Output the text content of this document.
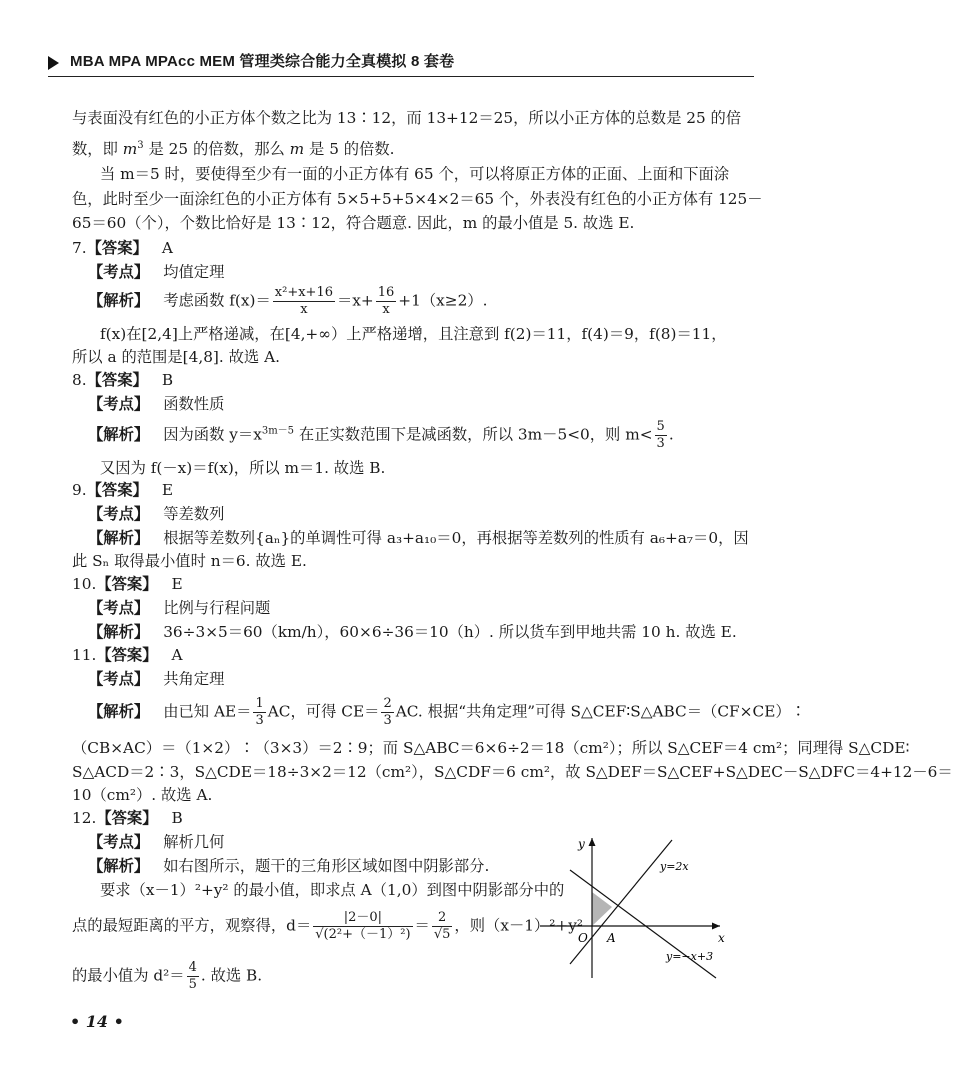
MBA MPA MPAcc MEM 管理类综合能力全真模拟 8 套卷
与表面没有红色的小正方体个数之比为 13∶12，而 13+12＝25，所以小正方体的总数是 25 的倍
数，即 $m^3$ 是 25 的倍数，那么 m 是 5 的倍数.
当 m＝5 时，要使得至少有一面的小正方体有 65 个，可以将原正方体的正面、上面和下面涂
色，此时至少一面涂红色的小正方体有 5×5+5+5×4×2＝65 个，外表没有红色的小正方体有 125－
65＝60（个），个数比恰好是 13∶12，符合题意. 因此，m 的最小值是 5. 故选 E.
7.【答案】 A
【考点】 均值定理
【解析】 考虑函数 $f(x)= \frac{\text{x²+x+16}}{x} =x+ \frac{16}{x} +1(x\ge 2)$.
f(x)在[2,4]上严格递减，在[4,+∞）上严格递增，且注意到 f(2)＝11，f(4)＝9，f(8)＝11，
所以 a 的范围是[4,8]. 故选 A.
8.【答案】 B
【考点】 函数性质
【解析】 因为函数 $y=x^{3m-5}$ 在正实数范围下是减函数，所以 3m－5<0，则 $m< \frac{5}{3}$ .
又因为 f(－x)＝f(x)，所以 m＝1. 故选 B.
9.【答案】 E
【考点】 等差数列
【解析】 根据等差数列{aₙ}的单调性可得 a₃+a₁₀＝0，再根据等差数列的性质有 a₆+a₇＝0，因
此 Sₙ 取得最小值时 n＝6. 故选 E.
10.【答案】 E
【考点】 比例与行程问题
【解析】 36÷3×5＝60（km/h），60×6÷36＝10（h）. 所以货车到甲地共需 10 h. 故选 E.
11.【答案】 A
【考点】 共角定理
【解析】 由已知 $AE= \frac{1}{3}$ AC，可得 $CE= \frac{2}{3}$ AC. 根据“共角定理”可得 S△CEF∶S△ABC＝（CF×CE）∶
（CB×AC）＝（1×2）∶（3×3）＝2∶9；而 S△ABC＝6×6÷2＝18（cm²）；所以 S△CEF＝4 cm²；同理得 S△CDE∶
S△ACD＝2∶3，S△CDE＝18÷3×2＝12（cm²），S△CDF＝6 cm²，故 S△DEF＝S△CEF+S△DEC－S△DFC＝4+12－6＝
10（cm²）. 故选 A.
12.【答案】 B
【考点】 解析几何
【解析】 如右图所示，题干的三角形区域如图中阴影部分.
要求（x－1）²+y² 的最小值，即求点 A（1,0）到图中阴影部分中的
点的最短距离的平方，观察得，$d= \frac{|2-0|}{\text{√(2²+（－1）²)}} = \frac{2}{√5}$ ，则（x－1）²+y²
的最小值为 $d^2= \frac{4}{5}$ . 故选 B.
y
x
O A
y=2x
y=−x+3
• 14 •
